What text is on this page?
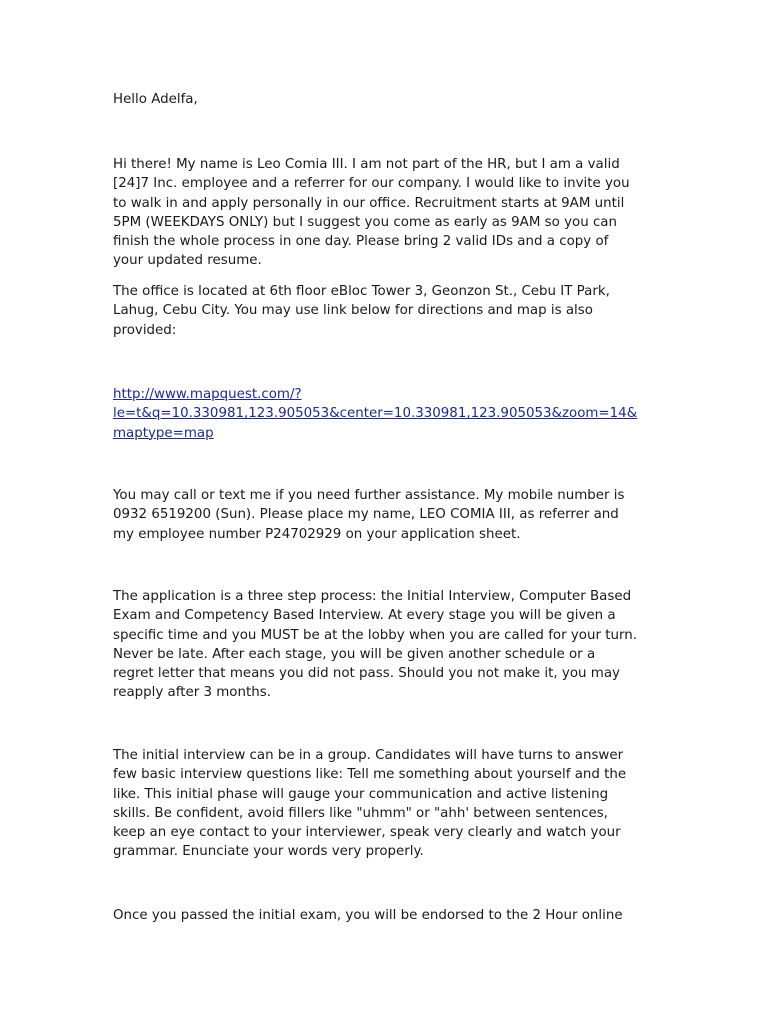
Hello Adelfa,

Hi there! My name is Leo Comia III. I am not part of the HR, but I am a valid
[24]7 Inc. employee and a referrer for our company. I would like to invite you
to walk in and apply personally in our office. Recruitment starts at 9AM until
5PM (WEEKDAYS ONLY) but I suggest you come as early as 9AM so you can
finish the whole process in one day. Please bring 2 valid IDs and a copy of
your updated resume.

The office is located at 6th floor eBloc Tower 3, Geonzon St., Cebu IT Park,
Lahug, Cebu City. You may use link below for directions and map is also
provided:

http://www.mapquest.com/?
le=t&q=10.330981,123.905053&center=10.330981,123.905053&zoom=14&
maptype=map

You may call or text me if you need further assistance. My mobile number is
0932 6519200 (Sun). Please place my name, LEO COMIA III, as referrer and
my employee number P24702929 on your application sheet.

The application is a three step process: the Initial Interview, Computer Based
Exam and Competency Based Interview. At every stage you will be given a
specific time and you MUST be at the lobby when you are called for your turn.
Never be late. After each stage, you will be given another schedule or a
regret letter that means you did not pass. Should you not make it, you may
reapply after 3 months.

The initial interview can be in a group. Candidates will have turns to answer
few basic interview questions like: Tell me something about yourself and the
like. This initial phase will gauge your communication and active listening
skills. Be confident, avoid fillers like "uhmm" or "ahh' between sentences,
keep an eye contact to your interviewer, speak very clearly and watch your
grammar. Enunciate your words very properly.

Once you passed the initial exam, you will be endorsed to the 2 Hour online
